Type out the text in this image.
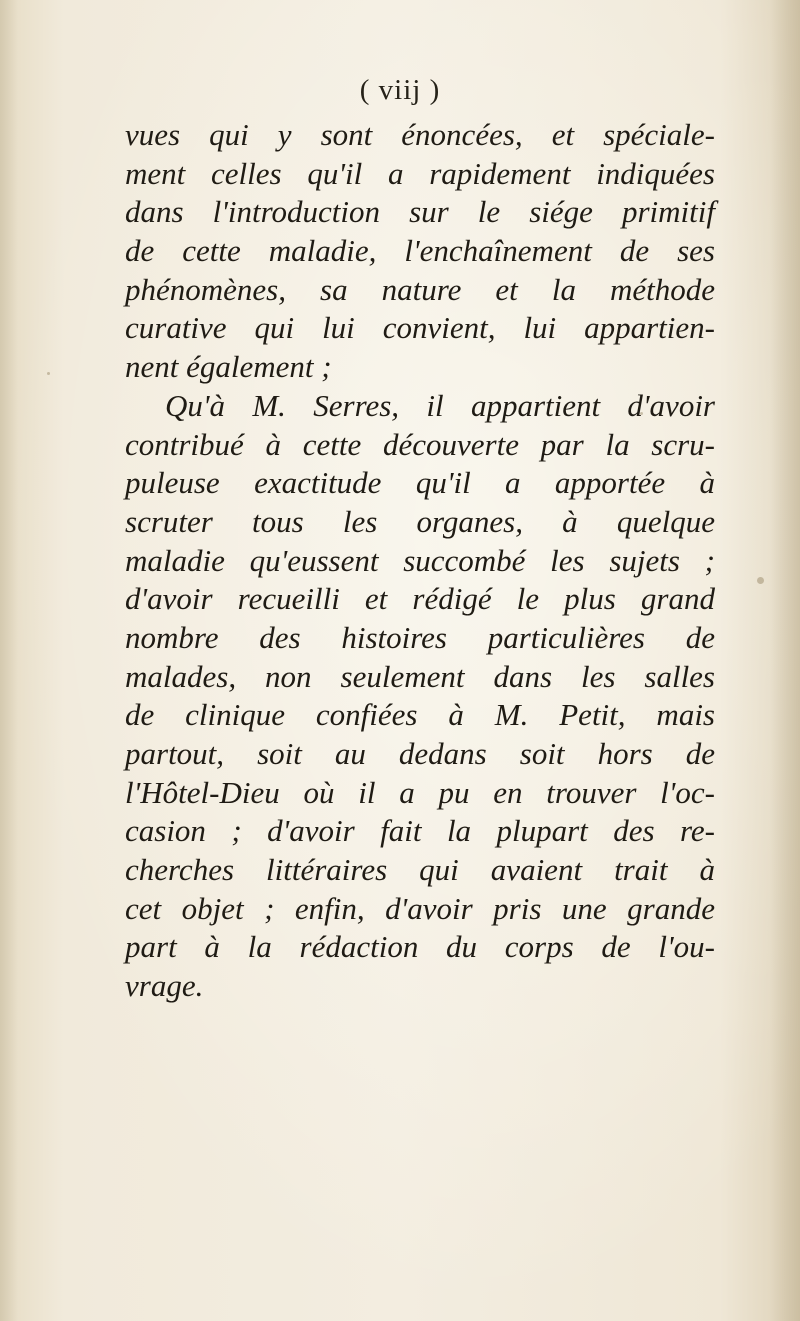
( viij )
vues qui y sont énoncées, et spéciale-
ment celles qu'il a rapidement indiquées
dans l'introduction sur le siége primitif
de cette maladie, l'enchaînement de ses
phénomènes, sa nature et la méthode
curative qui lui convient, lui appartien-
nent également ;
Qu'à M. Serres, il appartient d'avoir
contribué à cette découverte par la scru-
puleuse exactitude qu'il a apportée à
scruter tous les organes, à quelque
maladie qu'eussent succombé les sujets ;
d'avoir recueilli et rédigé le plus grand
nombre des histoires particulières de
malades, non seulement dans les salles
de clinique confiées à M. Petit, mais
partout, soit au dedans soit hors de
l'Hôtel-Dieu où il a pu en trouver l'oc-
casion ; d'avoir fait la plupart des re-
cherches littéraires qui avaient trait à
cet objet ; enfin, d'avoir pris une grande
part à la rédaction du corps de l'ou-
vrage.
